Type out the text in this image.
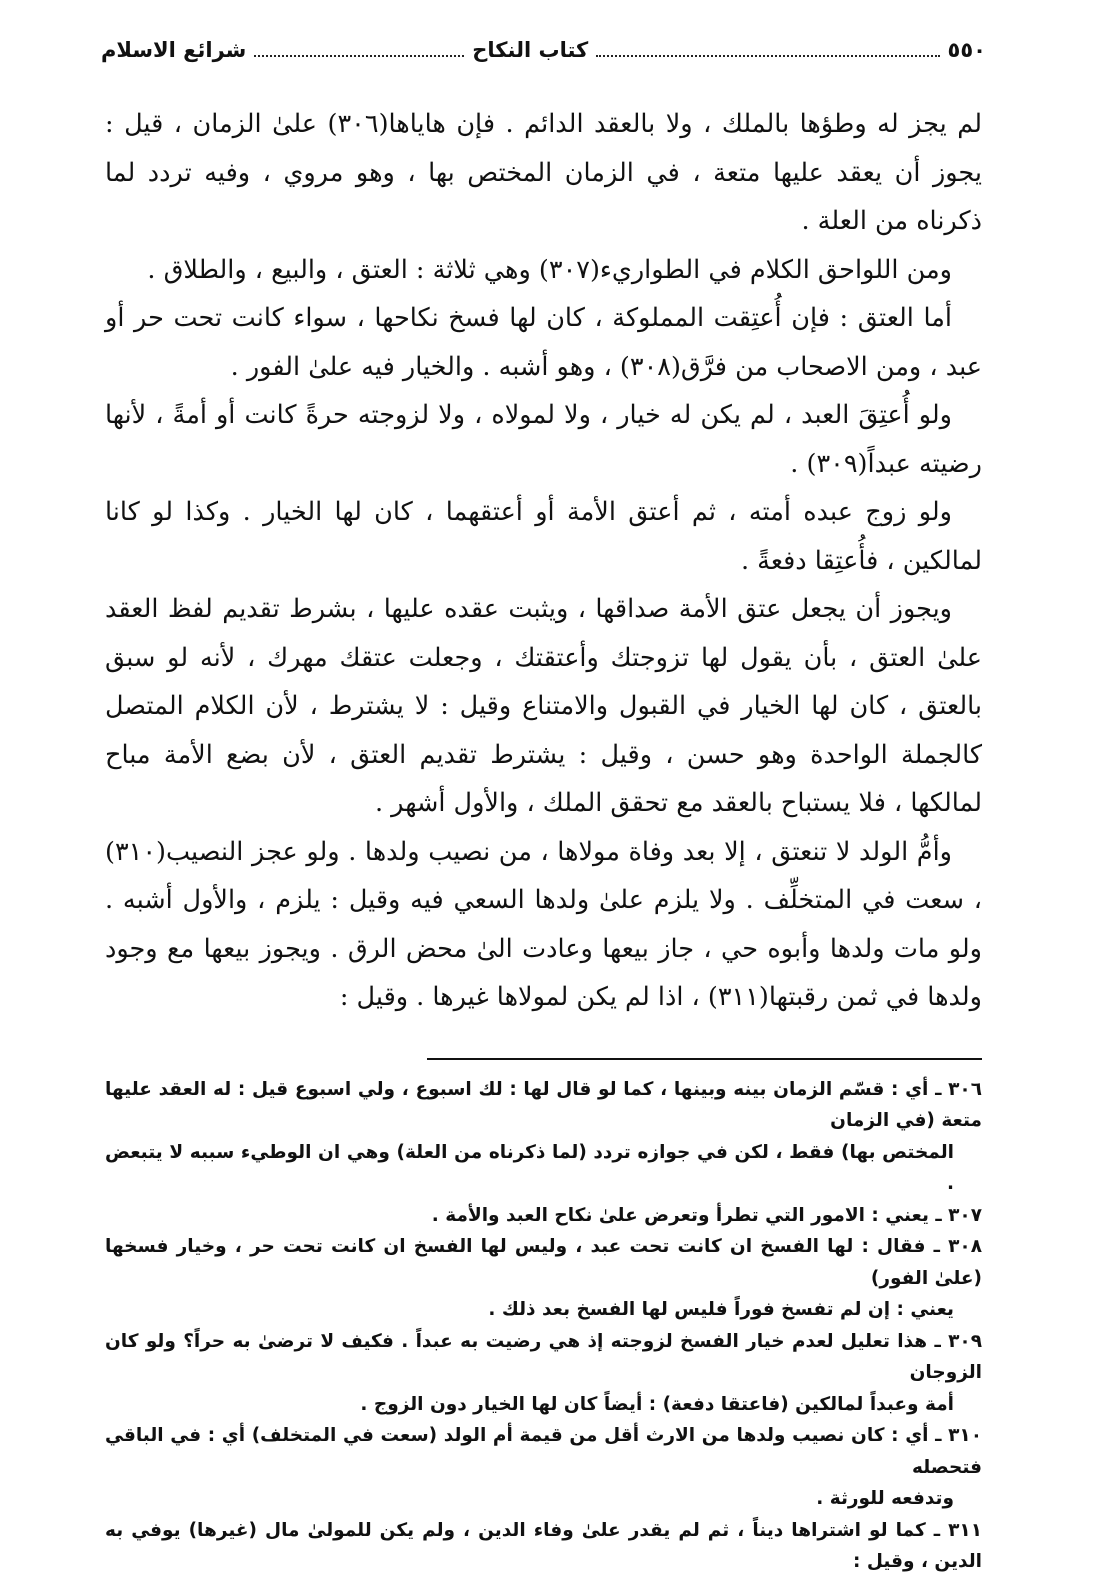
٥٥٠
كتاب النكاح
شرائع الاسلام

لم يجز له وطؤها بالملك ، ولا بالعقد الدائم . فإن هاياها(٣٠٦) علىٰ الزمان ، قيل : يجوز أن يعقد عليها متعة ، في الزمان المختص بها ، وهو مروي ، وفيه تردد لما ذكرناه من العلة .

ومن اللواحق الكلام في الطواريء(٣٠٧) وهي ثلاثة : العتق ، والبيع ، والطلاق .

أما العتق : فإن أُعتِقت المملوكة ، كان لها فسخ نكاحها ، سواء كانت تحت حر أو عبد ، ومن الاصحاب من فرَّق(٣٠٨) ، وهو أشبه . والخيار فيه علىٰ الفور .

ولو أُعتِقَ العبد ، لم يكن له خيار ، ولا لمولاه ، ولا لزوجته حرةً كانت أو أمةً ، لأنها رضيته عبداً(٣٠٩) .

ولو زوج عبده أمته ، ثم أعتق الأمة أو أعتقهما ، كان لها الخيار . وكذا لو كانا لمالكين ، فأُعتِقا دفعةً .

ويجوز أن يجعل عتق الأمة صداقها ، ويثبت عقده عليها ، بشرط تقديم لفظ العقد علىٰ العتق ، بأن يقول لها تزوجتك وأعتقتك ، وجعلت عتقك مهرك ، لأنه لو سبق بالعتق ، كان لها الخيار في القبول والامتناع وقيل : لا يشترط ، لأن الكلام المتصل كالجملة الواحدة وهو حسن ، وقيل : يشترط تقديم العتق ، لأن بضع الأمة مباح لمالكها ، فلا يستباح بالعقد مع تحقق الملك ، والأول أشهر .

وأمُّ الولد لا تنعتق ، إلا بعد وفاة مولاها ، من نصيب ولدها . ولو عجز النصيب(٣١٠) ، سعت في المتخلِّف . ولا يلزم علىٰ ولدها السعي فيه وقيل : يلزم ، والأول أشبه . ولو مات ولدها وأبوه حي ، جاز بيعها وعادت الىٰ محض الرق . ويجوز بيعها مع وجود ولدها في ثمن رقبتها(٣١١) ، اذا لم يكن لمولاها غيرها . وقيل :

٣٠٦ ـ أي : قسّم الزمان بينه وبينها ، كما لو قال لها : لك اسبوع ، ولي اسبوع قيل : له العقد عليها متعة (في الزمان
المختص بها) فقط ، لكن في جوازه تردد (لما ذكرناه من العلة) وهي ان الوطيء سببه لا يتبعض .

٣٠٧ ـ يعني : الامور التي تطرأ وتعرض علىٰ نكاح العبد والأمة .

٣٠٨ ـ فقال : لها الفسخ ان كانت تحت عبد ، وليس لها الفسخ ان كانت تحت حر ، وخيار فسخها (علىٰ الفور)
يعني : إن لم تفسخ فوراً فليس لها الفسخ بعد ذلك .

٣٠٩ ـ هذا تعليل لعدم خيار الفسخ لزوجته إذ هي رضيت به عبداً . فكيف لا ترضىٰ به حراً؟ ولو كان الزوجان
أمة وعبداً لمالكين (فاعتقا دفعة) : أيضاً كان لها الخيار دون الزوج .

٣١٠ ـ أي : كان نصيب ولدها من الارث أقل من قيمة أم الولد (سعت في المتخلف) أي : في الباقي فتحصله
وتدفعه للورثة .

٣١١ ـ كما لو اشتراها ديناً ، ثم لم يقدر علىٰ وفاء الدين ، ولم يكن للمولىٰ مال (غيرها) يوفي به الدين ، وقيل :
